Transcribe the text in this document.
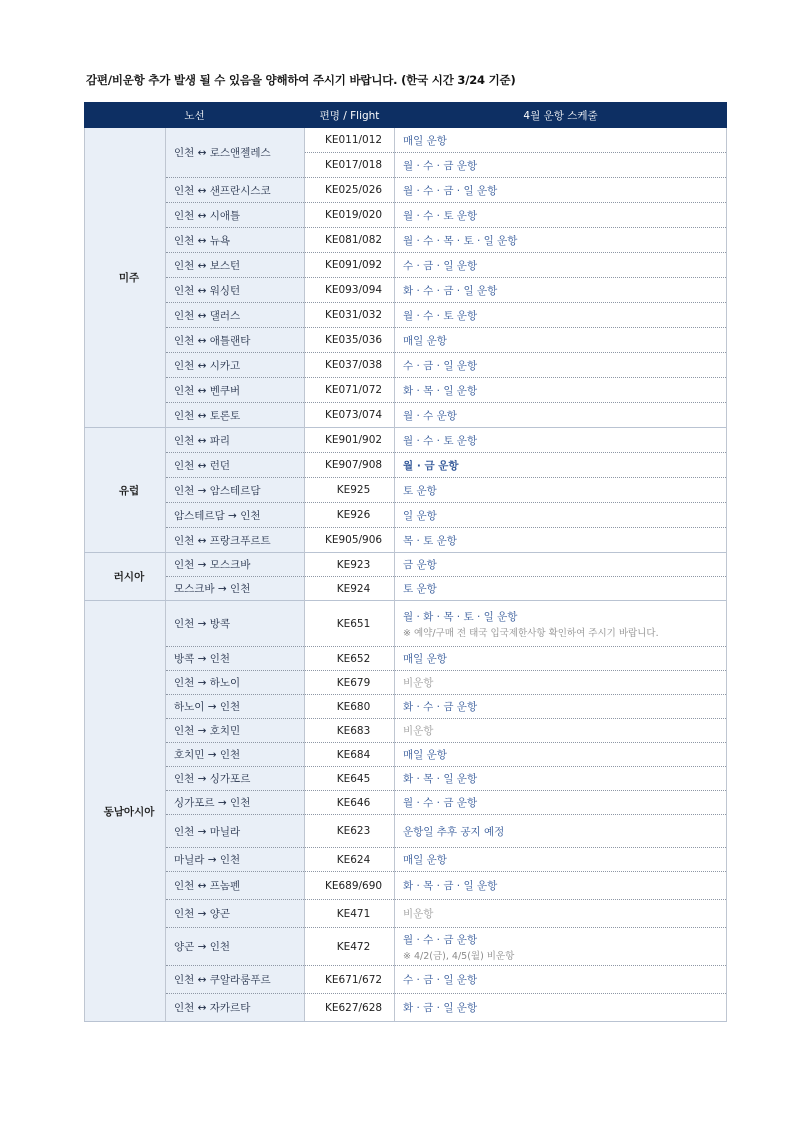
감편/비운항 추가 발생 될 수 있음을 양해하여 주시기 바랍니다. (한국 시간 3/24 기준)
노선		편명 / Flight	4월 운항 스케줄
미주	인천 ↔ 로스앤젤레스	KE011/012	매일 운항
		KE017/018	월 · 수 · 금 운항
	인천 ↔ 샌프란시스코	KE025/026	월 · 수 · 금 · 일 운항
	인천 ↔ 시애틀	KE019/020	월 · 수 · 토 운항
	인천 ↔ 뉴욕	KE081/082	월 · 수 · 목 · 토 · 일 운항
	인천 ↔ 보스턴	KE091/092	수 · 금 · 일 운항
	인천 ↔ 워싱턴	KE093/094	화 · 수 · 금 · 일 운항
	인천 ↔ 댈러스	KE031/032	월 · 수 · 토 운항
	인천 ↔ 애틀랜타	KE035/036	매일 운항
	인천 ↔ 시카고	KE037/038	수 · 금 · 일 운항
	인천 ↔ 벤쿠버	KE071/072	화 · 목 · 일 운항
	인천 ↔ 토론토	KE073/074	월 · 수 운항
유럽	인천 ↔ 파리	KE901/902	월 · 수 · 토 운항
	인천 ↔ 런던	KE907/908	월 · 금 운항
	인천 → 암스테르담	KE925	토 운항
	암스테르담 → 인천	KE926	일 운항
	인천 ↔ 프랑크푸르트	KE905/906	목 · 토 운항
러시아	인천 → 모스크바	KE923	금 운항
	모스크바 → 인천	KE924	토 운항
동남아시아	인천 → 방콕	KE651	월 · 화 · 목 · 토 · 일 운항
※ 예약/구매 전 태국 입국제한사항 확인하여 주시기 바랍니다.

	방콕 → 인천	KE652	매일 운항
	인천 → 하노이	KE679	비운항
	하노이 → 인천	KE680	화 · 수 · 금 운항
	인천 → 호치민	KE683	비운항
	호치민 → 인천	KE684	매일 운항
	인천 → 싱가포르	KE645	화 · 목 · 일 운항
	싱가포르 → 인천	KE646	월 · 수 · 금 운항
	인천 → 마닐라	KE623	운항일 추후 공지 예정
	마닐라 → 인천	KE624	매일 운항
	인천 ↔ 프놈펜	KE689/690	화 · 목 · 금 · 일 운항
	인천 → 양곤	KE471	비운항
	양곤 → 인천	KE472	월 · 수 · 금 운항
※ 4/2(금), 4/5(월) 비운항

	인천 ↔ 쿠알라룸푸르	KE671/672	수 · 금 · 일 운항
	인천 ↔ 자카르타	KE627/628	화 · 금 · 일 운항
